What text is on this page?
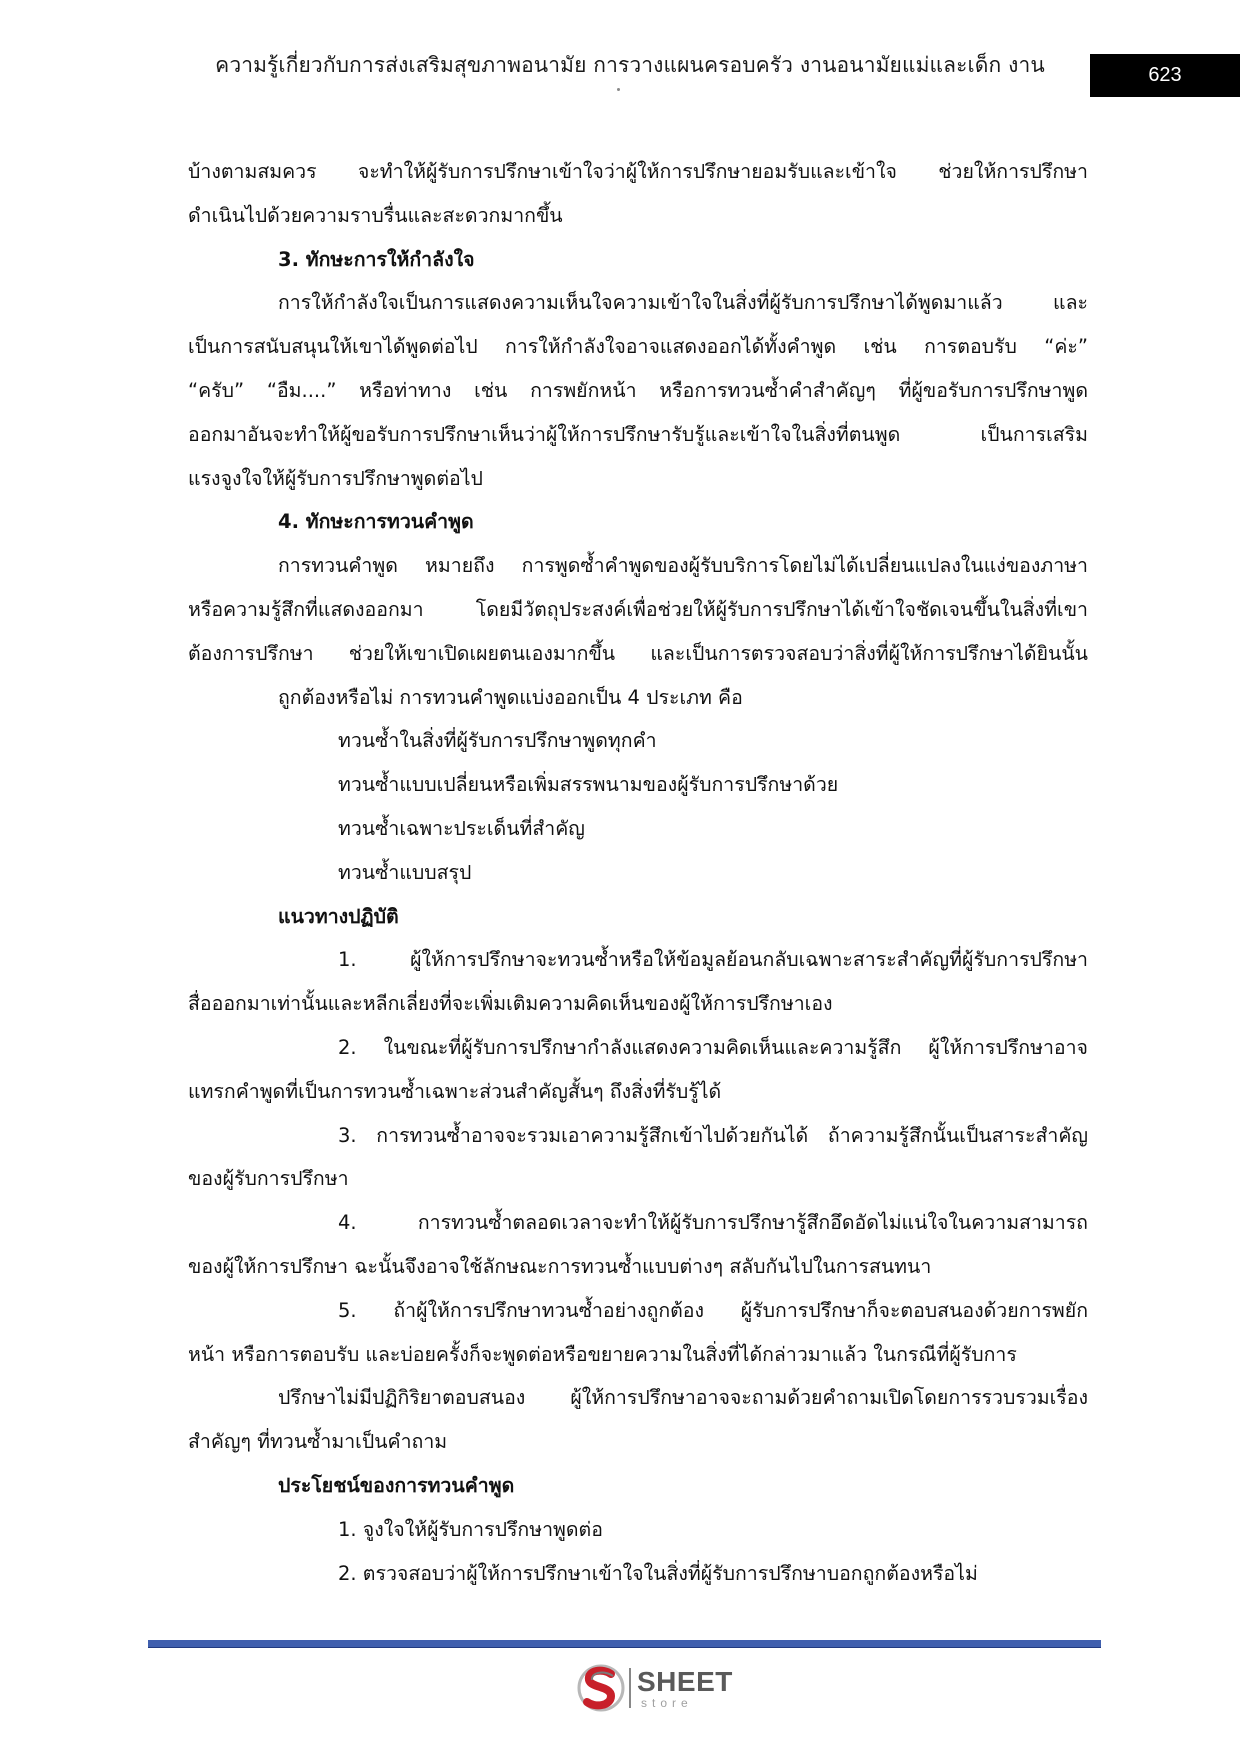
ความรู้เกี่ยวกับการส่งเสริมสุขภาพอนามัย การวางแผนครอบครัว งานอนามัยแม่และเด็ก งาน	623
บ้างตามสมควร จะทำให้ผู้รับการปรึกษาเข้าใจว่าผู้ให้การปรึกษายอมรับและเข้าใจ ช่วยให้การปรึกษา
ดำเนินไปด้วยความราบรื่นและสะดวกมากขึ้น
3. ทักษะการให้กำลังใจ
การให้กำลังใจเป็นการแสดงความเห็นใจความเข้าใจในสิ่งที่ผู้รับการปรึกษาได้พูดมาแล้ว และ
เป็นการสนับสนุนให้เขาได้พูดต่อไป การให้กำลังใจอาจแสดงออกได้ทั้งคำพูด เช่น การตอบรับ “ค่ะ”
“ครับ” “อืม....” หรือท่าทาง เช่น การพยักหน้า หรือการทวนซ้ำคำสำคัญๆ ที่ผู้ขอรับการปรึกษาพูด
ออกมาอันจะทำให้ผู้ขอรับการปรึกษาเห็นว่าผู้ให้การปรึกษารับรู้และเข้าใจในสิ่งที่ตนพูด เป็นการเสริม
แรงจูงใจให้ผู้รับการปรึกษาพูดต่อไป
4. ทักษะการทวนคำพูด
การทวนคำพูด หมายถึง การพูดซ้ำคำพูดของผู้รับบริการโดยไม่ได้เปลี่ยนแปลงในแง่ของภาษา
หรือความรู้สึกที่แสดงออกมา โดยมีวัตถุประสงค์เพื่อช่วยให้ผู้รับการปรึกษาได้เข้าใจชัดเจนขึ้นในสิ่งที่เขา
ต้องการปรึกษา ช่วยให้เขาเปิดเผยตนเองมากขึ้น และเป็นการตรวจสอบว่าสิ่งที่ผู้ให้การปรึกษาได้ยินนั้น
ถูกต้องหรือไม่ การทวนคำพูดแบ่งออกเป็น 4 ประเภท คือ
ทวนซ้ำในสิ่งที่ผู้รับการปรึกษาพูดทุกคำ
ทวนซ้ำแบบเปลี่ยนหรือเพิ่มสรรพนามของผู้รับการปรึกษาด้วย
ทวนซ้ำเฉพาะประเด็นที่สำคัญ
ทวนซ้ำแบบสรุป
แนวทางปฏิบัติ
1. ผู้ให้การปรึกษาจะทวนซ้ำหรือให้ข้อมูลย้อนกลับเฉพาะสาระสำคัญที่ผู้รับการปรึกษา
สื่อออกมาเท่านั้นและหลีกเลี่ยงที่จะเพิ่มเติมความคิดเห็นของผู้ให้การปรึกษาเอง
2. ในขณะที่ผู้รับการปรึกษากำลังแสดงความคิดเห็นและความรู้สึก ผู้ให้การปรึกษาอาจ
แทรกคำพูดที่เป็นการทวนซ้ำเฉพาะส่วนสำคัญสั้นๆ ถึงสิ่งที่รับรู้ได้
3. การทวนซ้ำอาจจะรวมเอาความรู้สึกเข้าไปด้วยกันได้ ถ้าความรู้สึกนั้นเป็นสาระสำคัญ
ของผู้รับการปรึกษา
4. การทวนซ้ำตลอดเวลาจะทำให้ผู้รับการปรึกษารู้สึกอึดอัดไม่แน่ใจในความสามารถ
ของผู้ให้การปรึกษา ฉะนั้นจึงอาจใช้ลักษณะการทวนซ้ำแบบต่างๆ สลับกันไปในการสนทนา
5. ถ้าผู้ให้การปรึกษาทวนซ้ำอย่างถูกต้อง ผู้รับการปรึกษาก็จะตอบสนองด้วยการพยัก
หน้า หรือการตอบรับ และบ่อยครั้งก็จะพูดต่อหรือขยายความในสิ่งที่ได้กล่าวมาแล้ว ในกรณีที่ผู้รับการ
ปรึกษาไม่มีปฏิกิริยาตอบสนอง ผู้ให้การปรึกษาอาจจะถามด้วยคำถามเปิดโดยการรวบรวมเรื่อง
สำคัญๆ ที่ทวนซ้ำมาเป็นคำถาม
ประโยชน์ของการทวนคำพูด
1. จูงใจให้ผู้รับการปรึกษาพูดต่อ
2. ตรวจสอบว่าผู้ให้การปรึกษาเข้าใจในสิ่งที่ผู้รับการปรึกษาบอกถูกต้องหรือไม่
SHEET
store
